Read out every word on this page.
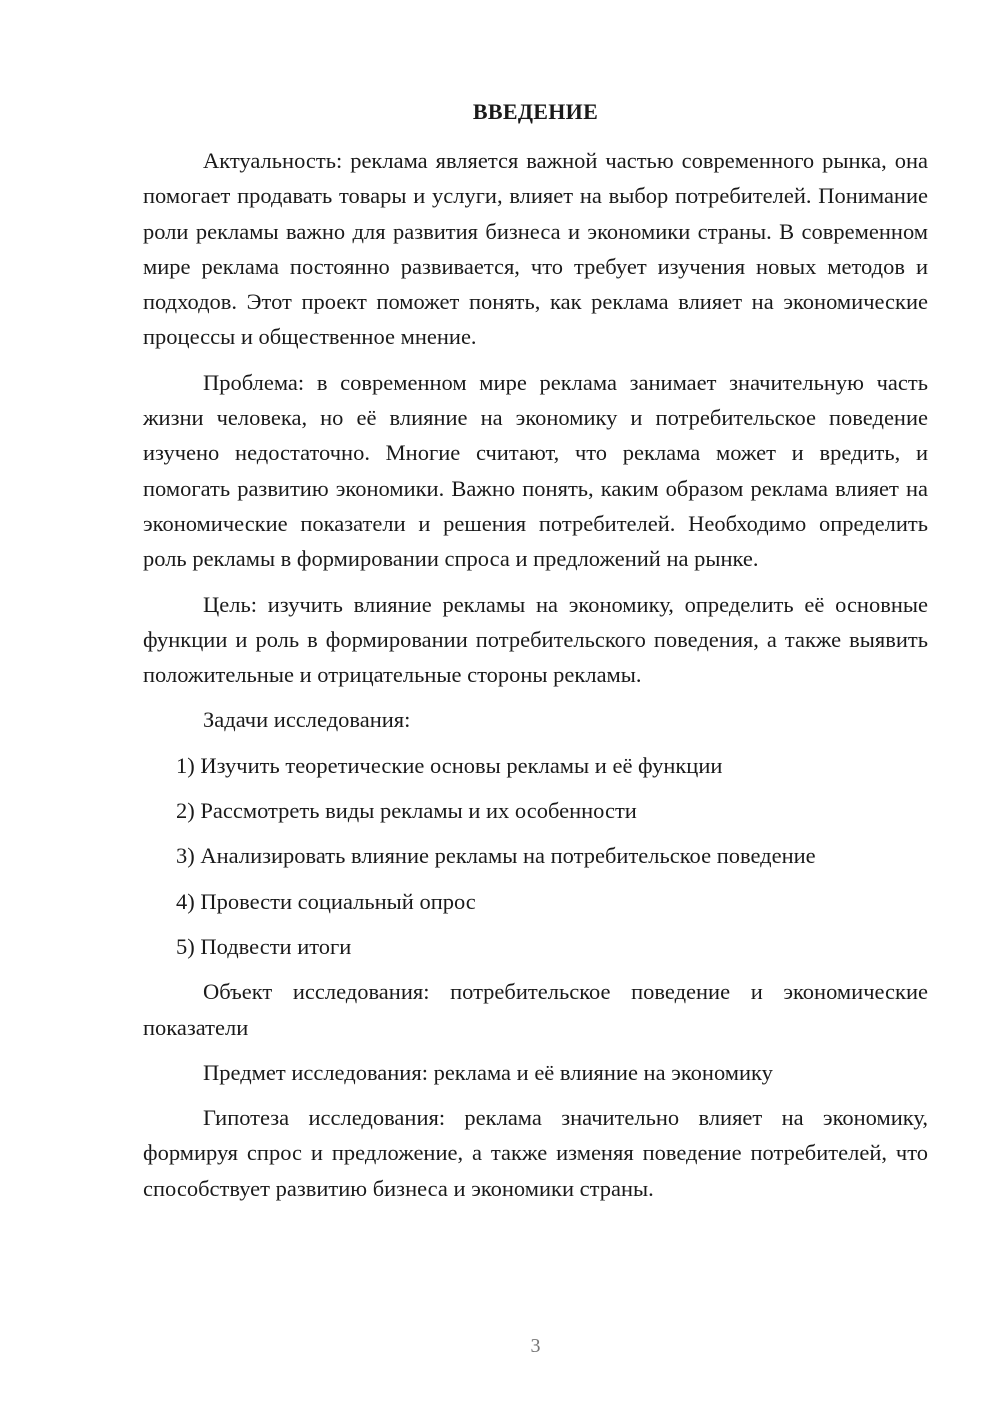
ВВЕДЕНИЕ

Актуальность: реклама является важной частью современного рынка, она помогает продавать товары и услуги, влияет на выбор потребителей. Понимание роли рекламы важно для развития бизнеса и экономики страны. В современном мире реклама постоянно развивается, что требует изучения новых методов и подходов. Этот проект поможет понять, как реклама влияет на экономические процессы и общественное мнение.

Проблема: в современном мире реклама занимает значительную часть жизни человека, но её влияние на экономику и потребительское поведение изучено недостаточно. Многие считают, что реклама может и вредить, и помогать развитию экономики. Важно понять, каким образом реклама влияет на экономические показатели и решения потребителей. Необходимо определить роль рекламы в формировании спроса и предложений на рынке.

Цель: изучить влияние рекламы на экономику, определить её основные функции и роль в формировании потребительского поведения, а также выявить положительные и отрицательные стороны рекламы.

Задачи исследования:

1) Изучить теоретические основы рекламы и её функции

2) Рассмотреть виды рекламы и их особенности

3) Анализировать влияние рекламы на потребительское поведение

4) Провести социальный опрос

5) Подвести итоги

Объект исследования: потребительское поведение и экономические показатели

Предмет исследования: реклама и её влияние на экономику

Гипотеза исследования: реклама значительно влияет на экономику, формируя спрос и предложение, а также изменяя поведение потребителей, что способствует развитию бизнеса и экономики страны.

3
